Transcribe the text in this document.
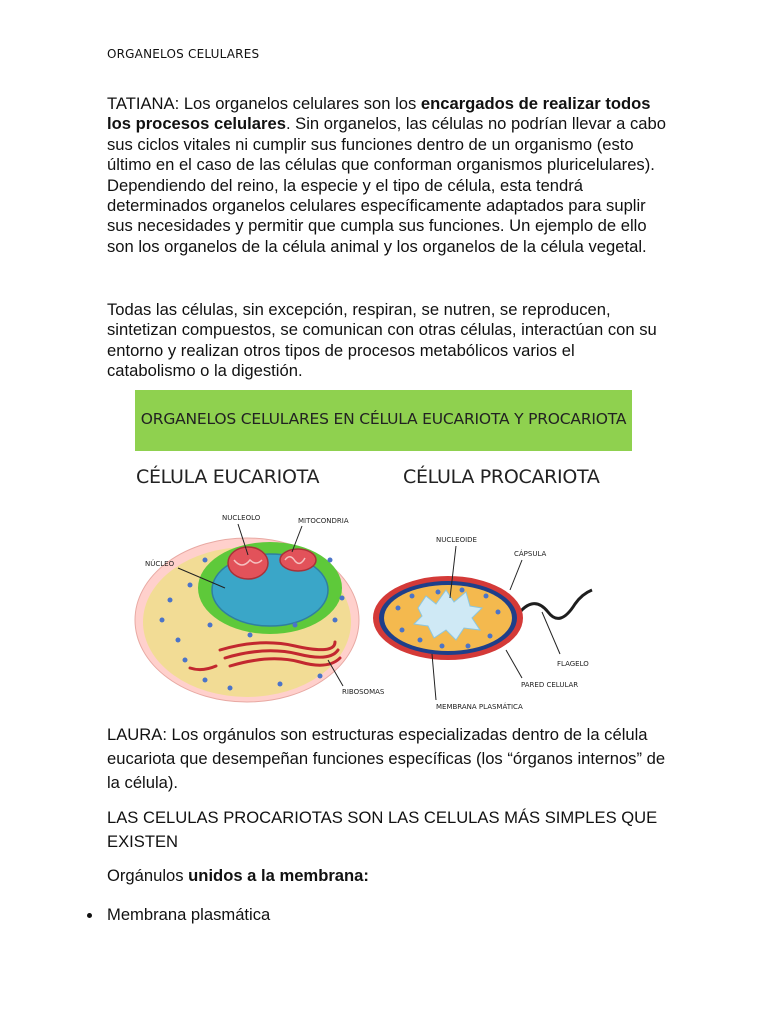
ORGANELOS CELULARES

TATIANA: Los organelos celulares son los encargados de realizar todos los procesos celulares. Sin organelos, las células no podrían llevar a cabo sus ciclos vitales ni cumplir sus funciones dentro de un organismo (esto último en el caso de las células que conforman organismos pluricelulares). Dependiendo del reino, la especie y el tipo de célula, esta tendrá determinados organelos celulares específicamente adaptados para suplir sus necesidades y permitir que cumpla sus funciones. Un ejemplo de ello son los organelos de la célula animal y los organelos de la célula vegetal.

Todas las células, sin excepción, respiran, se nutren, se reproducen, sintetizan compuestos, se comunican con otras células, interactúan con su entorno y realizan otros tipos de procesos metabólicos varios el catabolismo o la digestión.

ORGANELOS CELULARES EN CÉLULA EUCARIOTA Y PROCARIOTA
CÉLULA EUCARIOTA	CÉLULA PROCARIOTA
NUCLEOLO	MITOCONDRIA
NÚCLEO
RIBOSOMAS
NUCLEOIDE
CÁPSULA
FLAGELO
PARED CELULAR
MEMBRANA PLASMÁTICA

LAURA: Los orgánulos son estructuras especializadas dentro de la célula eucariota que desempeñan funciones específicas (los “órganos internos” de la célula).

LAS CELULAS PROCARIOTAS SON LAS CELULAS MÁS SIMPLES QUE EXISTEN

Orgánulos unidos a la membrana:

Membrana plasmática
